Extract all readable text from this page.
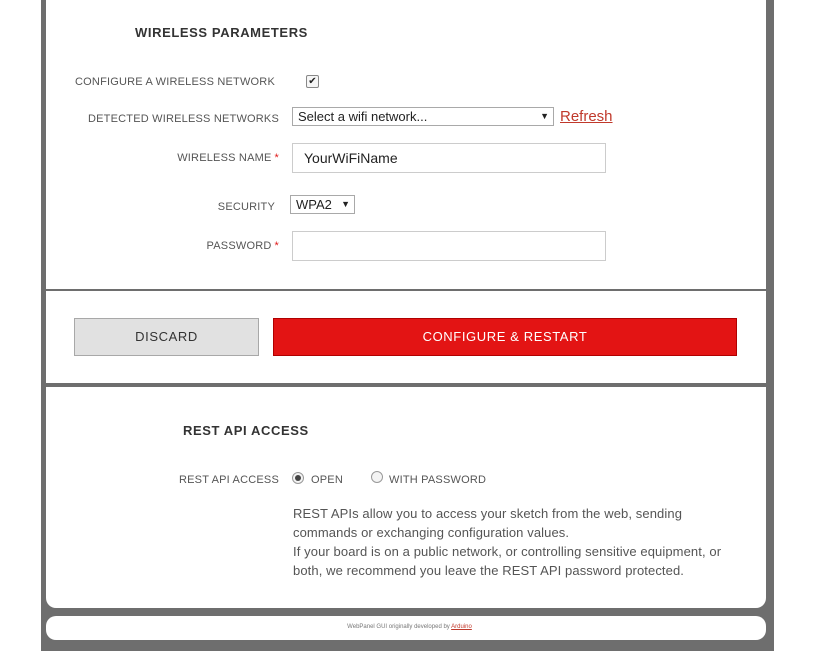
WIRELESS PARAMETERS
CONFIGURE A WIRELESS NETWORK	✔
DETECTED WIRELESS NETWORKS	Select a wifi network...	▼ Refresh
WIRELESS NAME *	YourWiFiName
SECURITY	WPA2 ▼
PASSWORD *
DISCARD	CONFIGURE & RESTART
REST API ACCESS
REST API ACCESS	OPEN	WITH PASSWORD
REST APIs allow you to access your sketch from the web, sending
commands or exchanging configuration values.
If your board is on a public network, or controlling sensitive equipment, or
both, we recommend you leave the REST API password protected.
WebPanel GUI originally developed by Arduino
